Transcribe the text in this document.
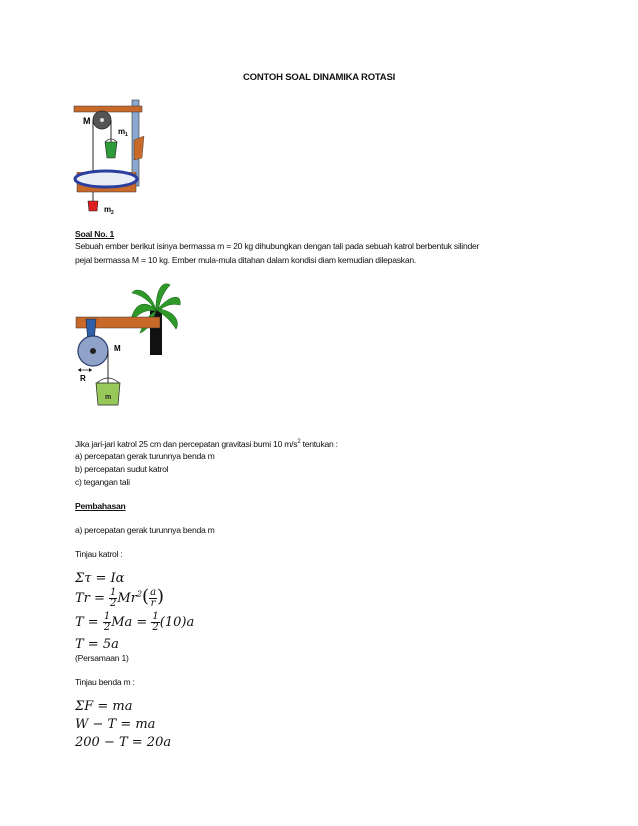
CONTOH SOAL DINAMIKA ROTASI
M
m 1
m 2
Soal No. 1
Sebuah ember berikut isinya bermassa m = 20 kg dihubungkan dengan tali pada sebuah katrol berbentuk silinder
pejal bermassa M = 10 kg. Ember mula-mula ditahan dalam kondisi diam kemudian dilepaskan.
M
R
m
Jika jari-jari katrol 25 cm dan percepatan gravitasi bumi 10 $m/s^2$ tentukan :
a) percepatan gerak turunnya benda m
b) percepatan sudut katrol
c) tegangan tali
Pembahasan
a) percepatan gerak turunnya benda m
Tinjau katrol :
Στ = Iα
$Tr = \frac{1}{2} Mr^2( \frac{a}{r}$ )
$T = \frac{1}{2}$ $Ma = \frac{1}{2} (10)a$
T = 5a
(Persamaan 1)
Tinjau benda m :
ΣF = ma
W − T = ma
200 − T = 20a
